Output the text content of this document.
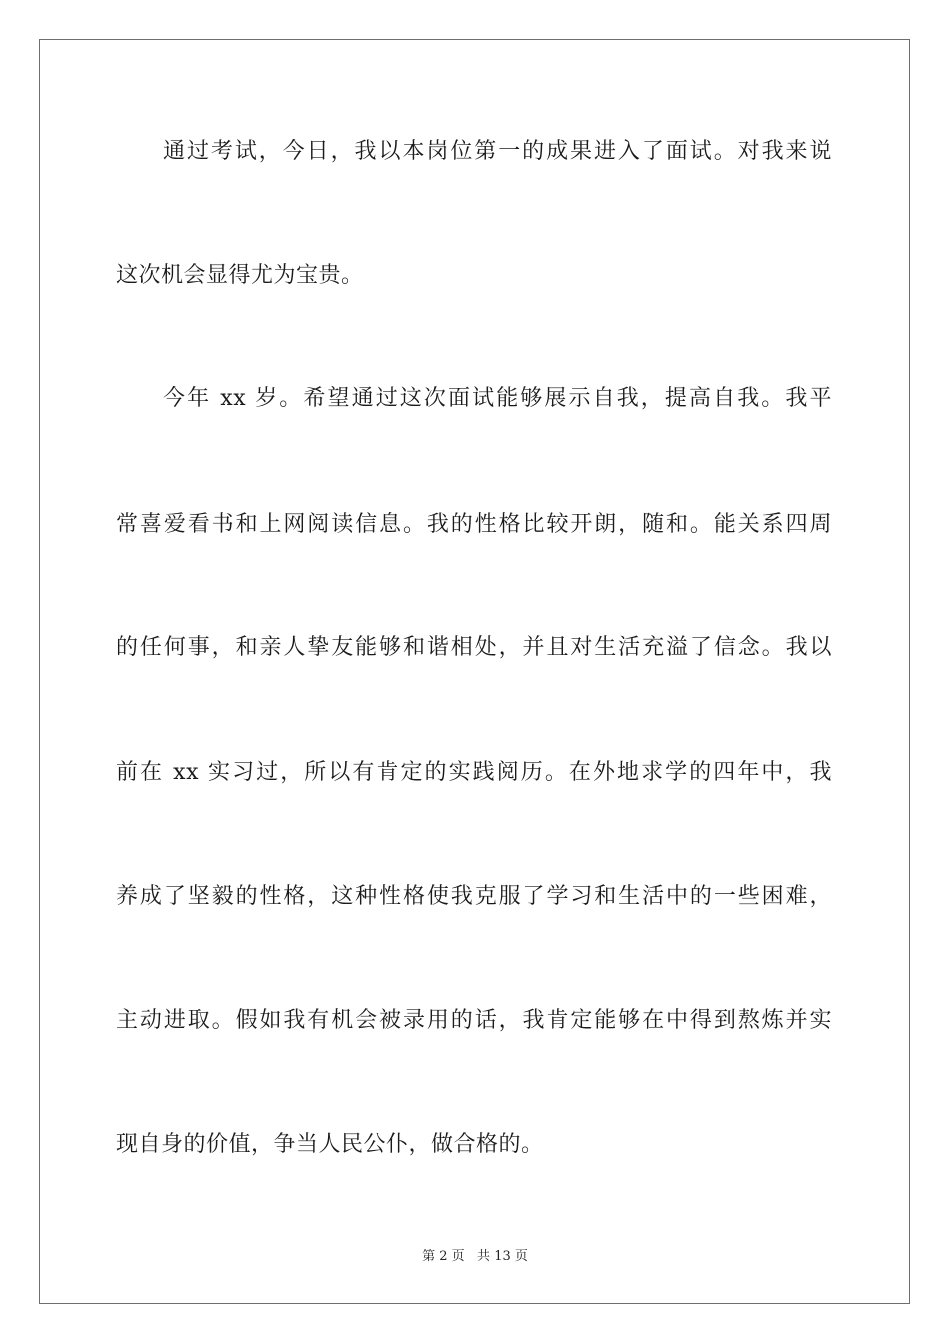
通过考试，今日，我以本岗位第一的成果进入了面试。对我来说
这次机会显得尤为宝贵。
今年 xx 岁。希望通过这次面试能够展示自我，提高自我。我平
常喜爱看书和上网阅读信息。我的性格比较开朗，随和。能关系四周
的任何事，和亲人挚友能够和谐相处，并且对生活充溢了信念。我以
前在 xx 实习过，所以有肯定的实践阅历。在外地求学的四年中，我
养成了坚毅的性格，这种性格使我克服了学习和生活中的一些困难，
主动进取。假如我有机会被录用的话，我肯定能够在中得到熬炼并实
现自身的价值，争当人民公仆，做合格的。
第 2 页   共 13 页
